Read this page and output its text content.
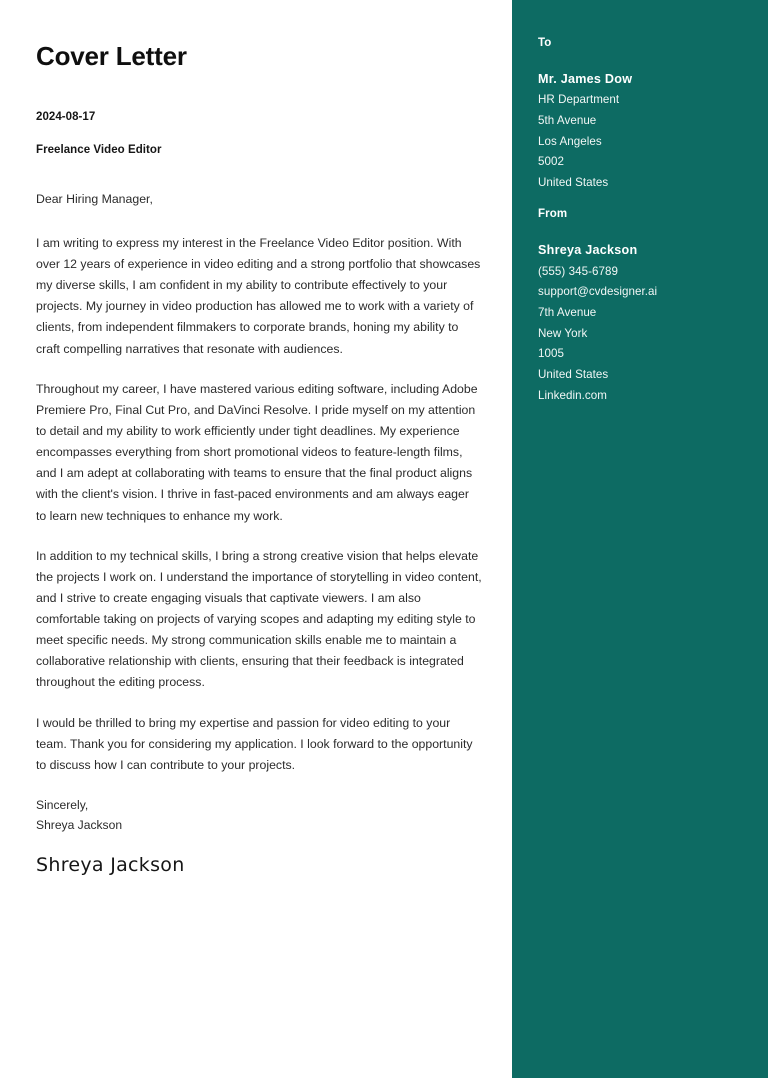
Cover Letter
2024-08-17
Freelance Video Editor
Dear Hiring Manager,

I am writing to express my interest in the Freelance Video Editor position. With over 12 years of experience in video editing and a strong portfolio that showcases my diverse skills, I am confident in my ability to contribute effectively to your projects. My journey in video production has allowed me to work with a variety of clients, from independent filmmakers to corporate brands, honing my ability to craft compelling narratives that resonate with audiences.

Throughout my career, I have mastered various editing software, including Adobe Premiere Pro, Final Cut Pro, and DaVinci Resolve. I pride myself on my attention to detail and my ability to work efficiently under tight deadlines. My experience encompasses everything from short promotional videos to feature-length films, and I am adept at collaborating with teams to ensure that the final product aligns with the client's vision. I thrive in fast-paced environments and am always eager to learn new techniques to enhance my work.

In addition to my technical skills, I bring a strong creative vision that helps elevate the projects I work on. I understand the importance of storytelling in video content, and I strive to create engaging visuals that captivate viewers. I am also comfortable taking on projects of varying scopes and adapting my editing style to meet specific needs. My strong communication skills enable me to maintain a collaborative relationship with clients, ensuring that their feedback is integrated throughout the editing process.

I would be thrilled to bring my expertise and passion for video editing to your team. Thank you for considering my application. I look forward to the opportunity to discuss how I can contribute to your projects.

Sincerely,
Shreya Jackson
Shreya Jackson
To
Mr. James Dow
HR Department
5th Avenue
Los Angeles
5002
United States
From
Shreya Jackson
(555) 345-6789
support@cvdesigner.ai
7th Avenue
New York
1005
United States
Linkedin.com
